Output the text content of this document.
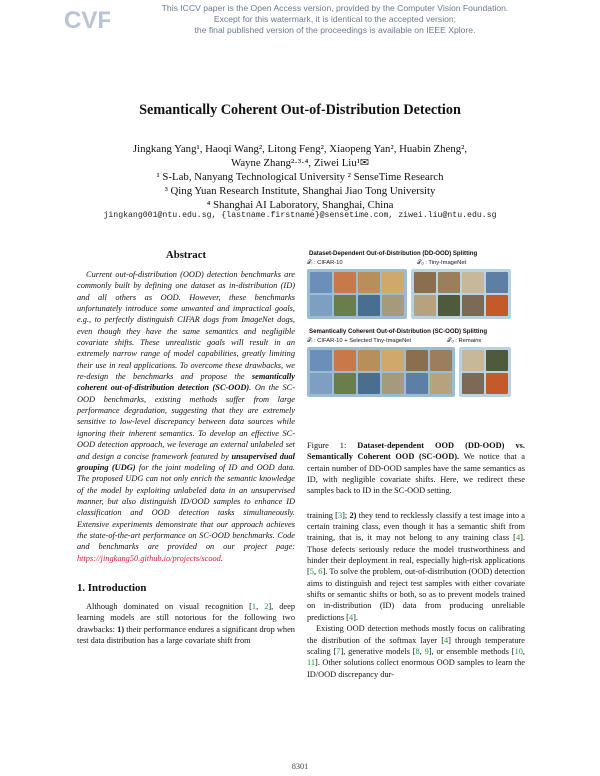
CVF	This ICCV paper is the Open Access version, provided by the Computer Vision Foundation.
Except for this watermark, it is identical to the accepted version;
the final published version of the proceedings is available on IEEE Xplore.
Semantically Coherent Out-of-Distribution Detection
Jingkang Yang¹, Haoqi Wang², Litong Feng², Xiaopeng Yan², Huabin Zheng²,
Wayne Zhang²·³·⁴, Ziwei Liu¹✉
¹ S-Lab, Nanyang Technological University ² SenseTime Research
³ Qing Yuan Research Institute, Shanghai Jiao Tong University
⁴ Shanghai AI Laboratory, Shanghai, China
jingkang001@ntu.edu.sg, {lastname.firstname}@sensetime.com, ziwei.liu@ntu.edu.sg
Abstract

Current out-of-distribution (OOD) detection benchmarks are commonly built by defining one dataset as in-distribution (ID) and all others as OOD. However, these benchmarks unfortunately introduce some unwanted and impractical goals, e.g., to perfectly distinguish CIFAR dogs from ImageNet dogs, even though they have the same semantics and negligible covariate shifts. These unrealistic goals will result in an extremely narrow range of model capabilities, greatly limiting their use in real applications. To overcome these drawbacks, we re-design the benchmarks and propose the semantically coherent out-of-distribution detection (SC-OOD). On the SC-OOD benchmarks, existing methods suffer from large performance degradation, suggesting that they are extremely sensitive to low-level discrepancy between data sources while ignoring their inherent semantics. To develop an effective SC-OOD detection approach, we leverage an external unlabeled set and design a concise framework featured by unsupervised dual grouping (UDG) for the joint modeling of ID and OOD data. The proposed UDG can not only enrich the semantic knowledge of the model by exploiting unlabeled data in an unsupervised manner, but also distinguish ID/OOD samples to enhance ID classification and OOD detection tasks simultaneously. Extensive experiments demonstrate that our approach achieves the state-of-the-art performance on SC-OOD benchmarks. Code and benchmarks are provided on our project page: https://jingkang50.github.io/projects/scood.

1. Introduction

Although dominated on visual recognition [1, 2], deep learning models are still notorious for the following two drawbacks: 1) their performance endures a significant drop when test data distribution has a large covariate shift from

Dataset-Dependent Out-of-Distribution (DD-OOD) Splitting
𝒯ᵢ : CIFAR-10	𝒯ₒ : Tiny-ImageNet
Semantically Coherent Out-of-Distribution (SC-OOD) Splitting
𝒯ᵢ : CIFAR-10 + Selected Tiny-ImageNet	𝒯ₒ : Remains

Figure 1: Dataset-dependent OOD (DD-OOD) vs. Semantically Coherent OOD (SC-OOD). We notice that a certain number of DD-OOD samples have the same semantics as ID, with negligible covariate shifts. Here, we redirect these samples back to ID in the SC-OOD setting.

training [3]; 2) they tend to recklessly classify a test image into a certain training class, even though it has a semantic shift from training, that is, it may not belong to any training class [4]. Those defects seriously reduce the model trustworthiness and hinder their deployment in real, especially high-risk applications [5, 6]. To solve the problem, out-of-distribution (OOD) detection aims to distinguish and reject test samples with either covariate shifts or semantic shifts or both, so as to prevent models trained on in-distribution (ID) data from producing unreliable predictions [4].

Existing OOD detection methods mostly focus on calibrating the distribution of the softmax layer [4] through temperature scaling [7], generative models [8, 9], or ensemble methods [10, 11]. Other solutions collect enormous OOD samples to learn the ID/OOD discrepancy dur-

8301
